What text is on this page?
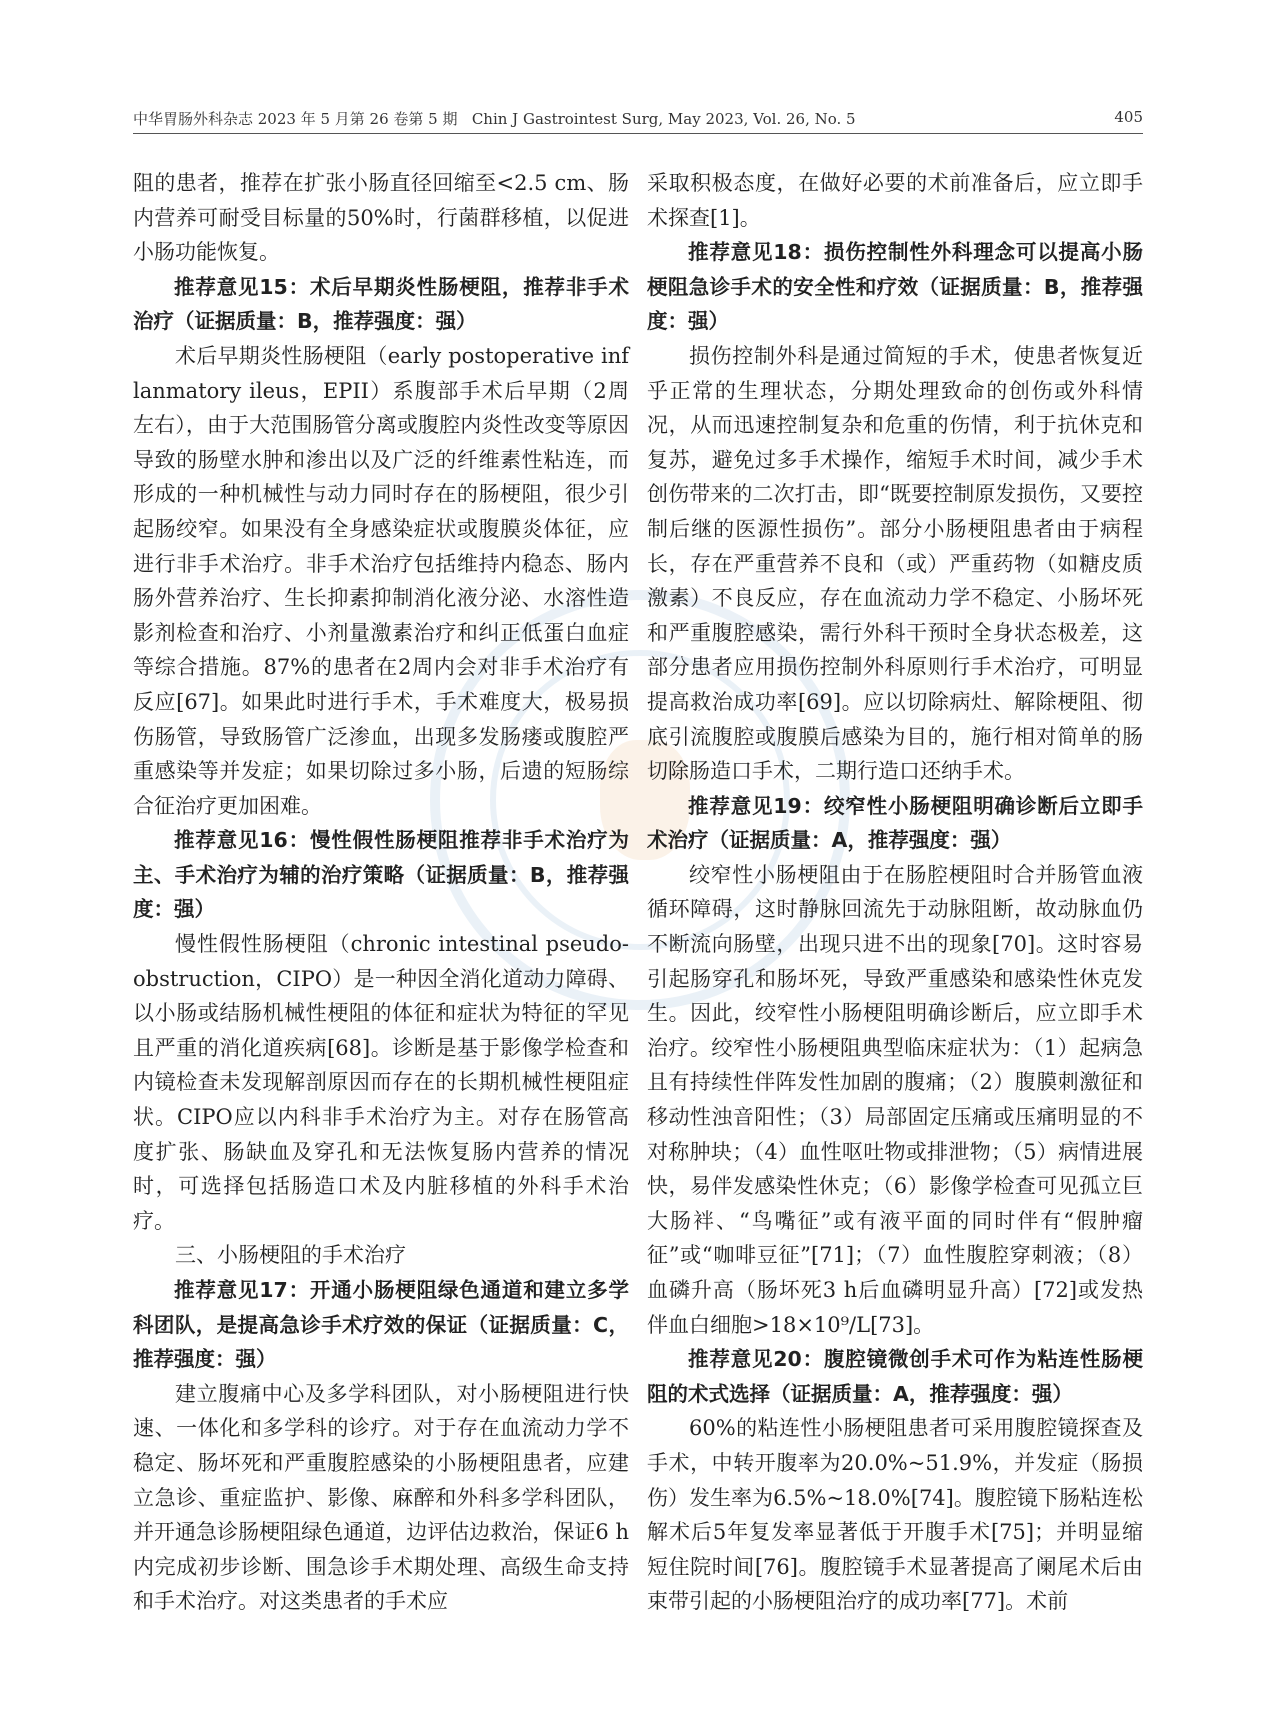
中华胃肠外科杂志 2023 年 5 月第 26 卷第 5 期 Chin J Gastrointest Surg, May 2023, Vol. 26, No. 5	405

阻的患者，推荐在扩张小肠直径回缩至<2.5 cm、肠内营养可耐受目标量的50%时，行菌群移植，以促进小肠功能恢复。

推荐意见15：术后早期炎性肠梗阻，推荐非手术治疗（证据质量：B，推荐强度：强）

术后早期炎性肠梗阻（early postoperative inflanmatory ileus，EPII）系腹部手术后早期（2周左右），由于大范围肠管分离或腹腔内炎性改变等原因导致的肠壁水肿和渗出以及广泛的纤维素性粘连，而形成的一种机械性与动力同时存在的肠梗阻，很少引起肠绞窄。如果没有全身感染症状或腹膜炎体征，应进行非手术治疗。非手术治疗包括维持内稳态、肠内肠外营养治疗、生长抑素抑制消化液分泌、水溶性造影剂检查和治疗、小剂量激素治疗和纠正低蛋白血症等综合措施。87%的患者在2周内会对非手术治疗有反应[67]。如果此时进行手术，手术难度大，极易损伤肠管，导致肠管广泛渗血，出现多发肠瘘或腹腔严重感染等并发症；如果切除过多小肠，后遗的短肠综合征治疗更加困难。

推荐意见16：慢性假性肠梗阻推荐非手术治疗为主、手术治疗为辅的治疗策略（证据质量：B，推荐强度：强）

慢性假性肠梗阻（chronic intestinal pseudo-obstruction，CIPO）是一种因全消化道动力障碍、以小肠或结肠机械性梗阻的体征和症状为特征的罕见且严重的消化道疾病[68]。诊断是基于影像学检查和内镜检查未发现解剖原因而存在的长期机械性梗阻症状。CIPO应以内科非手术治疗为主。对存在肠管高度扩张、肠缺血及穿孔和无法恢复肠内营养的情况时，可选择包括肠造口术及内脏移植的外科手术治疗。

三、小肠梗阻的手术治疗

推荐意见17：开通小肠梗阻绿色通道和建立多学科团队，是提高急诊手术疗效的保证（证据质量：C，推荐强度：强）

建立腹痛中心及多学科团队，对小肠梗阻进行快速、一体化和多学科的诊疗。对于存在血流动力学不稳定、肠坏死和严重腹腔感染的小肠梗阻患者，应建立急诊、重症监护、影像、麻醉和外科多学科团队，并开通急诊肠梗阻绿色通道，边评估边救治，保证6 h内完成初步诊断、围急诊手术期处理、高级生命支持和手术治疗。对这类患者的手术应

采取积极态度，在做好必要的术前准备后，应立即手术探查[1]。

推荐意见18：损伤控制性外科理念可以提高小肠梗阻急诊手术的安全性和疗效（证据质量：B，推荐强度：强）

损伤控制外科是通过简短的手术，使患者恢复近乎正常的生理状态，分期处理致命的创伤或外科情况，从而迅速控制复杂和危重的伤情，利于抗休克和复苏，避免过多手术操作，缩短手术时间，减少手术创伤带来的二次打击，即“既要控制原发损伤，又要控制后继的医源性损伤”。部分小肠梗阻患者由于病程长，存在严重营养不良和（或）严重药物（如糖皮质激素）不良反应，存在血流动力学不稳定、小肠坏死和严重腹腔感染，需行外科干预时全身状态极差，这部分患者应用损伤控制外科原则行手术治疗，可明显提高救治成功率[69]。应以切除病灶、解除梗阻、彻底引流腹腔或腹膜后感染为目的，施行相对简单的肠切除肠造口手术，二期行造口还纳手术。

推荐意见19：绞窄性小肠梗阻明确诊断后立即手术治疗（证据质量：A，推荐强度：强）

绞窄性小肠梗阻由于在肠腔梗阻时合并肠管血液循环障碍，这时静脉回流先于动脉阻断，故动脉血仍不断流向肠壁，出现只进不出的现象[70]。这时容易引起肠穿孔和肠坏死，导致严重感染和感染性休克发生。因此，绞窄性小肠梗阻明确诊断后，应立即手术治疗。绞窄性小肠梗阻典型临床症状为：（1）起病急且有持续性伴阵发性加剧的腹痛；（2）腹膜刺激征和移动性浊音阳性；（3）局部固定压痛或压痛明显的不对称肿块；（4）血性呕吐物或排泄物；（5）病情进展快，易伴发感染性休克；（6）影像学检查可见孤立巨大肠袢、“鸟嘴征”或有液平面的同时伴有“假肿瘤征”或“咖啡豆征”[71]；（7）血性腹腔穿刺液；（8）血磷升高（肠坏死3 h后血磷明显升高）[72]或发热伴血白细胞>18×10⁹/L[73]。

推荐意见20：腹腔镜微创手术可作为粘连性肠梗阻的术式选择（证据质量：A，推荐强度：强）

60%的粘连性小肠梗阻患者可采用腹腔镜探查及手术，中转开腹率为20.0%~51.9%，并发症（肠损伤）发生率为6.5%~18.0%[74]。腹腔镜下肠粘连松解术后5年复发率显著低于开腹手术[75]；并明显缩短住院时间[76]。腹腔镜手术显著提高了阑尾术后由束带引起的小肠梗阻治疗的成功率[77]。术前
